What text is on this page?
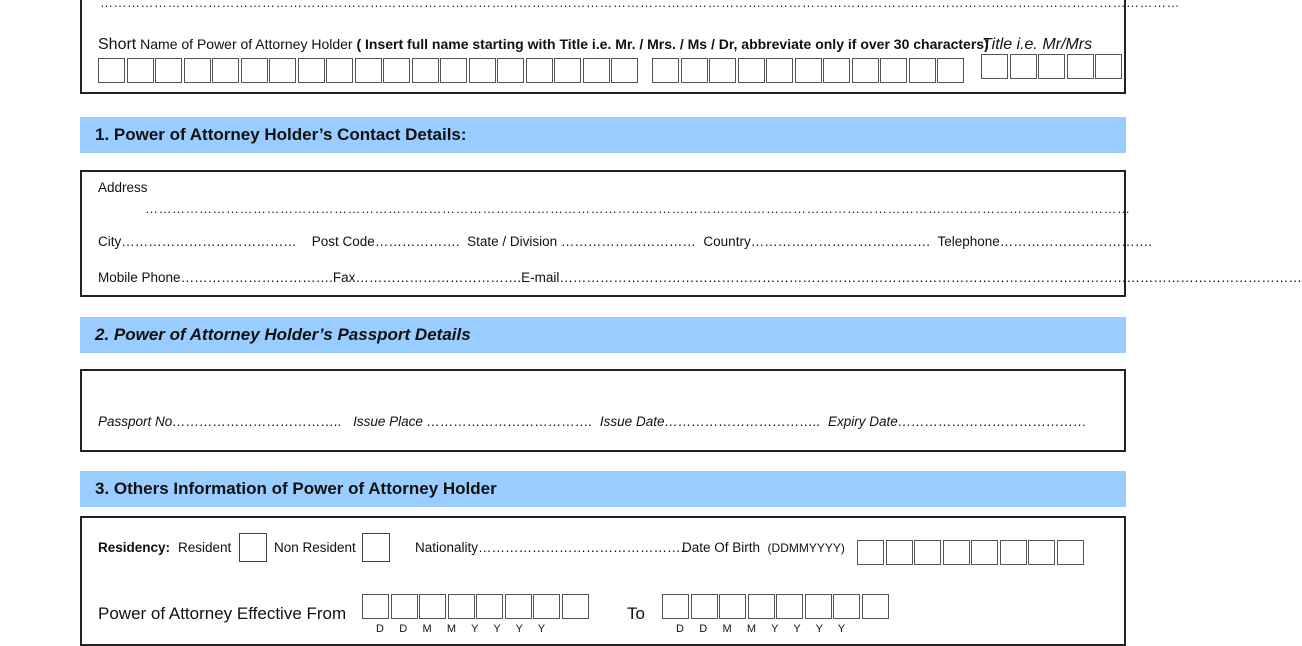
……………………………………………………………………………………………………………………………………………………………………………………………………………………
Short Name of Power of Attorney Holder ( Insert full name starting with Title i.e. Mr. / Mrs. / Ms / Dr, abbreviate only if over 30 characters)
Title i.e. Mr/Mrs
1. Power of Attorney Holder’s Contact Details:
Address
…………………………………………………………………………………………………………………………………………………………………………………………………
City………………………………… Post Code………………. State / Division ………………………… Country…………………………………. Telephone…………………………….
Mobile Phone…………………………….Fax……………………………….E-mail…………………………………………………………………………………………………………………………………………………
2. Power of Attorney Holder’s Passport Details
Passport No……………………………….. Issue Place ………………………………. Issue Date…………………………….. Expiry Date……………………………………
3. Others Information of Power of Attorney Holder
Residency: Resident	Non Resident	Nationality………………………………………..
Date Of Birth (DDMMYYYY)
Power of Attorney Effective From	To
D     D     M     M     Y     Y     Y     Y	D     D     M     M     Y     Y     Y     Y
